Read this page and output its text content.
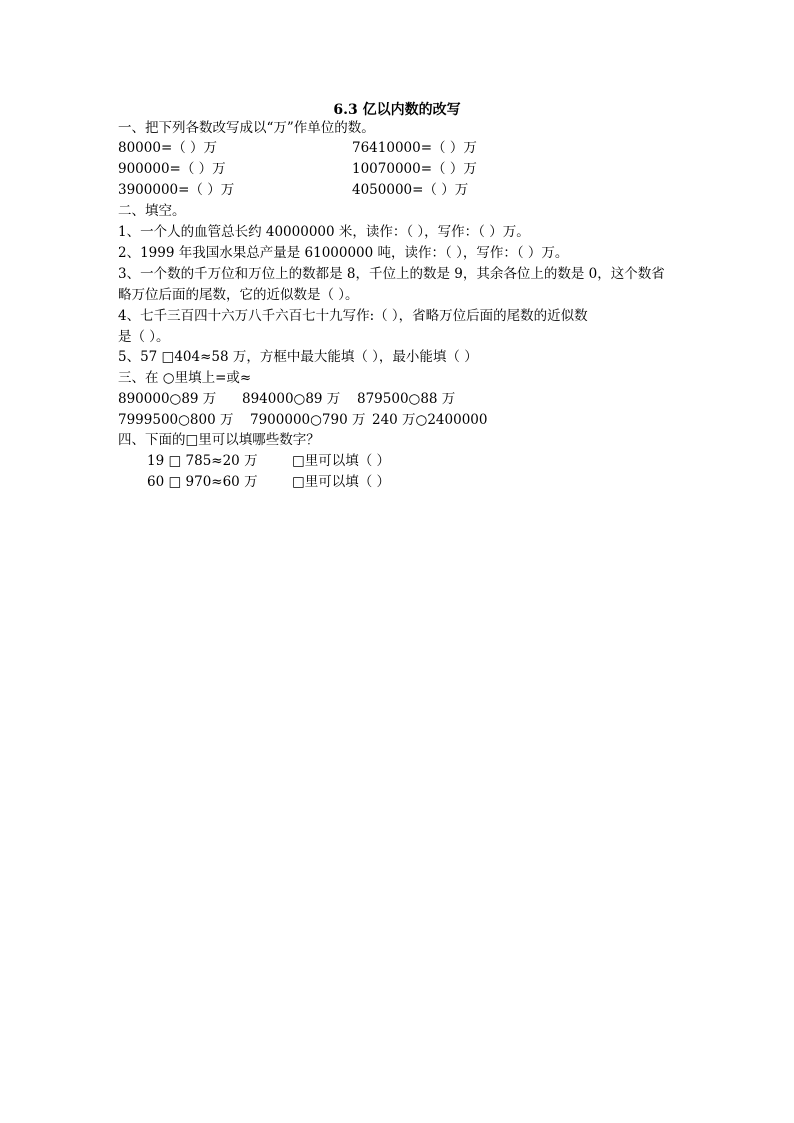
6.3 亿以内数的改写
一、把下列各数改写成以“万”作单位的数。
80000=（ ）万	76410000=（ ）万
900000=（ ）万	10070000=（ ）万
3900000=（ ）万	4050000=（ ）万
二、填空。
1、一个人的血管总长约 40000000 米，读作：（ ），写作：（ ）万。
2、1999 年我国水果总产量是 61000000 吨，读作：（ ），写作：（ ）万。
3、一个数的千万位和万位上的数都是 8，千位上的数是 9，其余各位上的数是 0，这个数省
略万位后面的尾数，它的近似数是（ ）。
4、七千三百四十六万八千六百七十九写作:（ ），省略万位后面的尾数的近似数
是（ ）。
5、57 □404≈58 万，方框中最大能填（ ），最小能填（ ）
三、在 ○里填上=或≈
890000○89 万 894000○89 万 879500○88 万
7999500○800 万 7900000○790 万 240 万○2400000
四、下面的□里可以填哪些数字？
19 □ 785≈20 万	□里可以填（ ）
60 □ 970≈60 万	□里可以填（ ）
